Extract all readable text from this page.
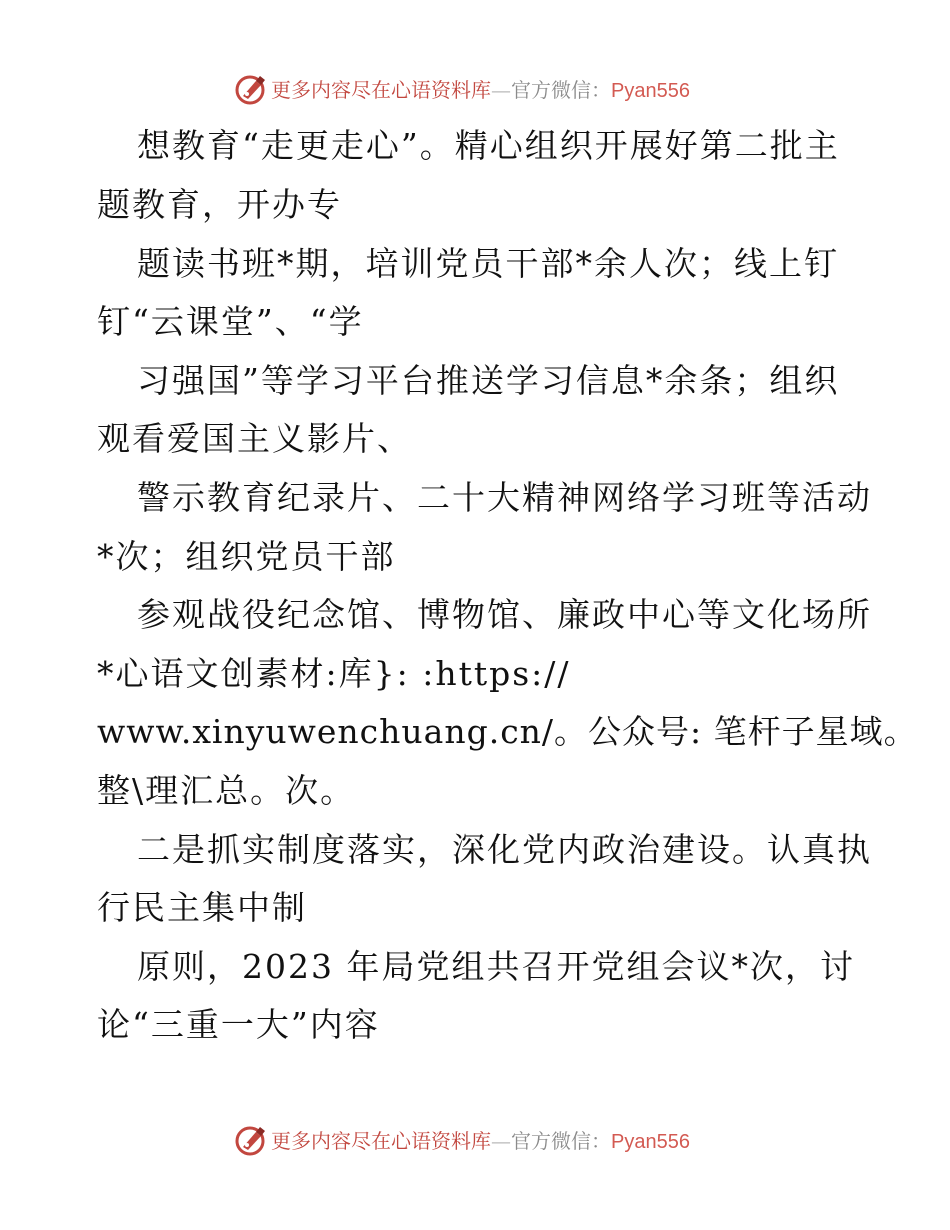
更多内容尽在心语资料库—官方微信：Pyan556
想教育“走更走心”。精心组织开展好第二批主
题教育，开办专
题读书班*期，培训党员干部*余人次；线上钉
钉“云课堂”、“学
习强国”等学习平台推送学习信息*余条；组织
观看爱国主义影片、
警示教育纪录片、二十大精神网络学习班等活动
*次；组织党员干部
参观战役纪念馆、博物馆、廉政中心等文化场所
*心语文创素材:库}: :https://
www.xinyuwenchuang.cn/。公众号: 笔杆子星域。
整\理汇总。次。
二是抓实制度落实，深化党内政治建设。认真执
行民主集中制
原则，2023 年局党组共召开党组会议*次，讨
论“三重一大”内容
更多内容尽在心语资料库—官方微信：Pyan556
